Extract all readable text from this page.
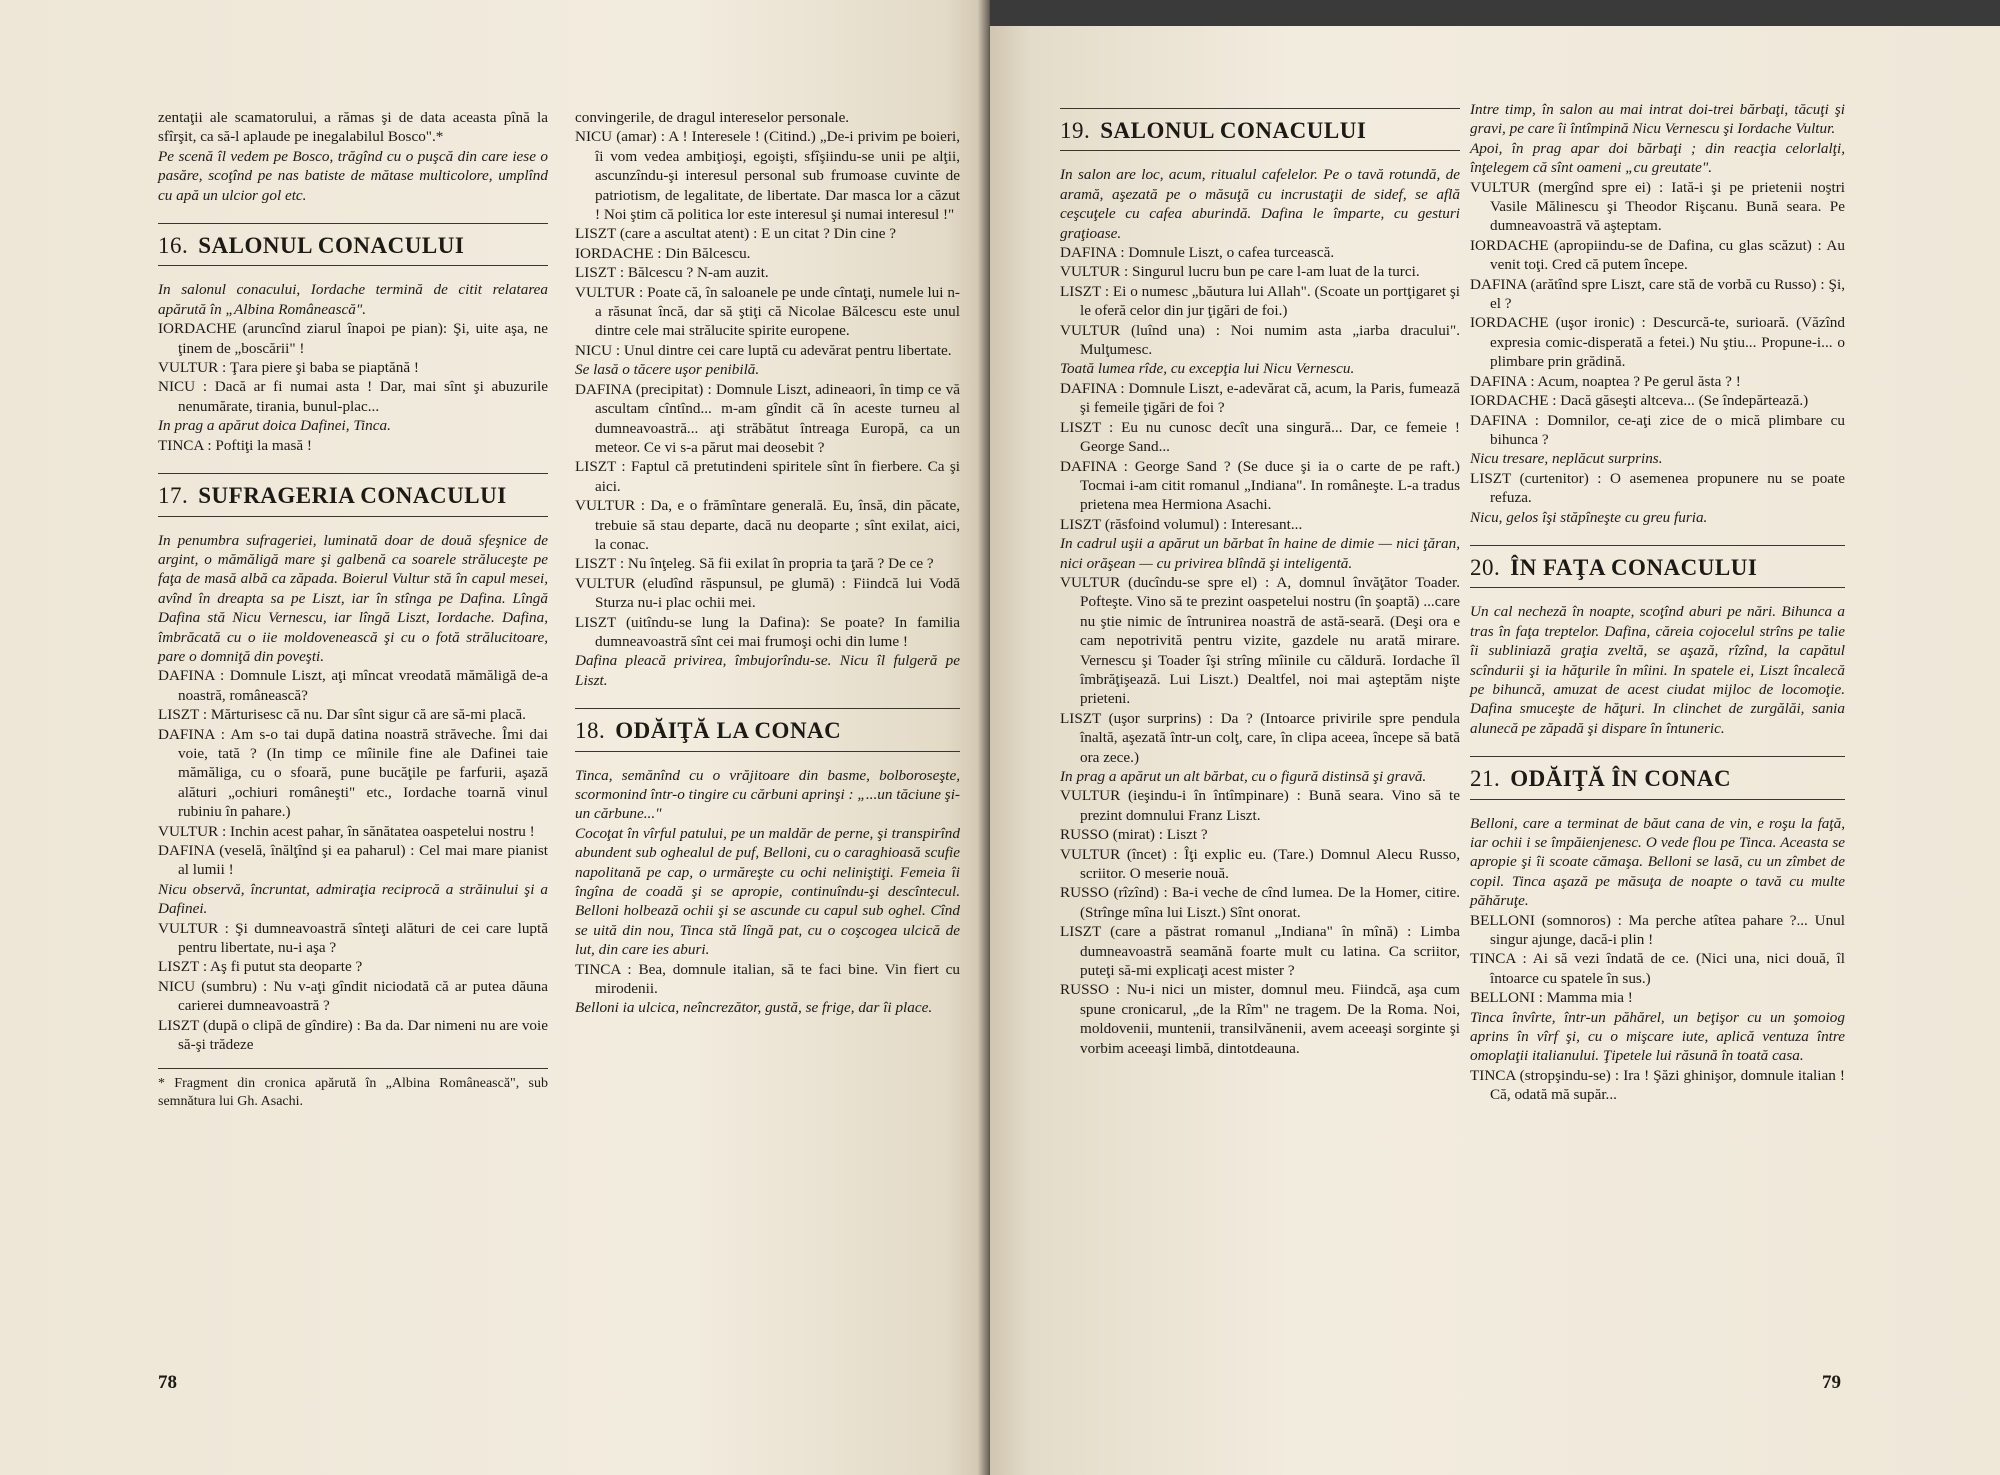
zentaţii ale scamatorului, a rămas şi de data aceasta pînă la sfîrşit, ca să-l aplaude pe inegalabilul Bosco".*

Pe scenă îl vedem pe Bosco, trăgînd cu o puşcă din care iese o pasăre, scoţînd pe nas batiste de mătase multicolore, umplînd cu apă un ulcior gol etc.

16. SALONUL CONACULUI

In salonul conacului, Iordache termină de citit relatarea apărută în „Albina Românească".

IORDACHE (aruncînd ziarul înapoi pe pian): Şi, uite aşa, ne ţinem de „boscării" !

VULTUR : Ţara piere şi baba se piaptănă !

NICU : Dacă ar fi numai asta ! Dar, mai sînt şi abuzurile nenumărate, tirania, bunul-plac...

In prag a apărut doica Dafinei, Tinca.

TINCA : Poftiţi la masă !

17. SUFRAGERIA CONACULUI

In penumbra sufrageriei, luminată doar de două sfeşnice de argint, o mămăligă mare şi galbenă ca soarele străluceşte pe faţa de masă albă ca zăpada. Boierul Vultur stă în capul mesei, avînd în dreapta sa pe Liszt, iar în stînga pe Dafina. Lîngă Dafina stă Nicu Vernescu, iar lîngă Liszt, Iordache. Dafina, îmbrăcată cu o iie moldovenească şi cu o fotă strălucitoare, pare o domniţă din poveşti.

DAFINA : Domnule Liszt, aţi mîncat vreodată mămăligă de-a noastră, românească?

LISZT : Mărturisesc că nu. Dar sînt sigur că are să-mi placă.

DAFINA : Am s-o tai după datina noastră străveche. Îmi dai voie, tată ? (In timp ce mîinile fine ale Dafinei taie mămăliga, cu o sfoară, pune bucăţile pe farfurii, aşază alături „ochiuri româneşti" etc., Iordache toarnă vinul rubiniu în pahare.)

VULTUR : Inchin acest pahar, în sănătatea oaspetelui nostru !

DAFINA (veselă, înălţînd şi ea paharul) : Cel mai mare pianist al lumii !

Nicu observă, încruntat, admiraţia reciprocă a străinului şi a Dafinei.

VULTUR : Şi dumneavoastră sînteţi alături de cei care luptă pentru libertate, nu-i aşa ?

LISZT : Aş fi putut sta deoparte ?

NICU (sumbru) : Nu v-aţi gîndit niciodată că ar putea dăuna carierei dumneavoastră ?

LISZT (după o clipă de gîndire) : Ba da. Dar nimeni nu are voie să-şi trădeze

* Fragment din cronica apărută în „Albina Românească", sub semnătura lui Gh. Asachi.

convingerile, de dragul intereselor personale.

NICU (amar) : A ! Interesele ! (Citind.) „De-i privim pe boieri, îi vom vedea ambiţioşi, egoişti, sfîşiindu-se unii pe alţii, ascunzîndu-şi interesul personal sub frumoase cuvinte de patriotism, de legalitate, de libertate. Dar masca lor a căzut ! Noi ştim că politica lor este interesul şi numai interesul !"

LISZT (care a ascultat atent) : E un citat ? Din cine ?

IORDACHE : Din Bălcescu.

LISZT : Bălcescu ? N-am auzit.

VULTUR : Poate că, în saloanele pe unde cîntaţi, numele lui n-a răsunat încă, dar să ştiţi că Nicolae Bălcescu este unul dintre cele mai strălucite spirite europene.

NICU : Unul dintre cei care luptă cu adevărat pentru libertate.

Se lasă o tăcere uşor penibilă.

DAFINA (precipitat) : Domnule Liszt, adineaori, în timp ce vă ascultam cîntînd... m-am gîndit că în aceste turneu al dumneavoastră... aţi străbătut întreaga Europă, ca un meteor. Ce vi s-a părut mai deosebit ?

LISZT : Faptul că pretutindeni spiritele sînt în fierbere. Ca şi aici.

VULTUR : Da, e o frămîntare generală. Eu, însă, din păcate, trebuie să stau departe, dacă nu deoparte ; sînt exilat, aici, la conac.

LISZT : Nu înţeleg. Să fii exilat în propria ta ţară ? De ce ?

VULTUR (eludînd răspunsul, pe glumă) : Fiindcă lui Vodă Sturza nu-i plac ochii mei.

LISZT (uitîndu-se lung la Dafina): Se poate? In familia dumneavoastră sînt cei mai frumoşi ochi din lume !

Dafina pleacă privirea, îmbujorîndu-se. Nicu îl fulgeră pe Liszt.

18. ODĂIŢĂ LA CONAC

Tinca, semănînd cu o vrăjitoare din basme, bolboroseşte, scormonind într-o tingire cu cărbuni aprinşi : „...un tăciune şi-un cărbune..."

Cocoţat în vîrful patului, pe un maldăr de perne, şi transpirînd abundent sub oghealul de puf, Belloni, cu o caraghioasă scufie napolitană pe cap, o urmăreşte cu ochi neliniştiţi. Femeia îi îngîna de coadă şi se apropie, continuîndu-şi descîntecul. Belloni holbează ochii şi se ascunde cu capul sub oghel. Cînd se uită din nou, Tinca stă lîngă pat, cu o coşcogea ulcică de lut, din care ies aburi.

TINCA : Bea, domnule italian, să te faci bine. Vin fiert cu mirodenii.

Belloni ia ulcica, neîncrezător, gustă, se frige, dar îi place.

78
19. SALONUL CONACULUI

In salon are loc, acum, ritualul cafelelor. Pe o tavă rotundă, de aramă, aşezată pe o măsuţă cu incrustaţii de sidef, se află ceşcuţele cu cafea aburindă. Dafina le împarte, cu gesturi graţioase.

DAFINA : Domnule Liszt, o cafea turcească.

VULTUR : Singurul lucru bun pe care l-am luat de la turci.

LISZT : Ei o numesc „băutura lui Allah". (Scoate un portţigaret şi le oferă celor din jur ţigări de foi.)

VULTUR (luînd una) : Noi numim asta „iarba dracului". Mulţumesc.

Toată lumea rîde, cu excepţia lui Nicu Vernescu.

DAFINA : Domnule Liszt, e-adevărat că, acum, la Paris, fumează şi femeile ţigări de foi ?

LISZT : Eu nu cunosc decît una singură... Dar, ce femeie ! George Sand...

DAFINA : George Sand ? (Se duce şi ia o carte de pe raft.) Tocmai i-am citit romanul „Indiana". In româneşte. L-a tradus prietena mea Hermiona Asachi.

LISZT (răsfoind volumul) : Interesant...

In cadrul uşii a apărut un bărbat în haine de dimie — nici ţăran, nici orăşean — cu privirea blîndă şi inteligentă.

VULTUR (ducîndu-se spre el) : A, domnul învăţător Toader. Pofteşte. Vino să te prezint oaspetelui nostru (în şoaptă) ...care nu ştie nimic de întrunirea noastră de astă-seară. (Deşi ora e cam nepotrivită pentru vizite, gazdele nu arată mirare. Vernescu şi Toader îşi strîng mîinile cu căldură. Iordache îl îmbrăţişează. Lui Liszt.) Dealtfel, noi mai aşteptăm nişte prieteni.

LISZT (uşor surprins) : Da ? (Intoarce privirile spre pendula înaltă, aşezată într-un colţ, care, în clipa aceea, începe să bată ora zece.)

In prag a apărut un alt bărbat, cu o figură distinsă şi gravă.

VULTUR (ieşindu-i în întîmpinare) : Bună seara. Vino să te prezint domnului Franz Liszt.

RUSSO (mirat) : Liszt ?

VULTUR (încet) : Îţi explic eu. (Tare.) Domnul Alecu Russo, scriitor. O meserie nouă.

RUSSO (rîzînd) : Ba-i veche de cînd lumea. De la Homer, citire. (Strînge mîna lui Liszt.) Sînt onorat.

LISZT (care a păstrat romanul „Indiana" în mînă) : Limba dumneavoastră seamănă foarte mult cu latina. Ca scriitor, puteţi să-mi explicaţi acest mister ?

RUSSO : Nu-i nici un mister, domnul meu. Fiindcă, aşa cum spune cronicarul, „de la Rîm" ne tragem. De la Roma. Noi, moldovenii, muntenii, transilvănenii, avem aceeaşi sorginte şi vorbim aceeaşi limbă, dintotdeauna.

Intre timp, în salon au mai intrat doi-trei bărbaţi, tăcuţi şi gravi, pe care îi întîmpină Nicu Vernescu şi Iordache Vultur.

Apoi, în prag apar doi bărbaţi ; din reacţia celorlalţi, înţelegem că sînt oameni „cu greutate".

VULTUR (mergînd spre ei) : Iată-i şi pe prietenii noştri Vasile Mălinescu şi Theodor Rişcanu. Bună seara. Pe dumneavoastră vă aşteptam.

IORDACHE (apropiindu-se de Dafina, cu glas scăzut) : Au venit toţi. Cred că putem începe.

DAFINA (arătînd spre Liszt, care stă de vorbă cu Russo) : Şi, el ?

IORDACHE (uşor ironic) : Descurcă-te, surioară. (Văzînd expresia comic-disperată a fetei.) Nu ştiu... Propune-i... o plimbare prin grădină.

DAFINA : Acum, noaptea ? Pe gerul ăsta ? !

IORDACHE : Dacă găseşti altceva... (Se îndepărtează.)

DAFINA : Domnilor, ce-aţi zice de o mică plimbare cu bihunca ?

Nicu tresare, neplăcut surprins.

LISZT (curtenitor) : O asemenea propunere nu se poate refuza.

Nicu, gelos îşi stăpîneşte cu greu furia.

20. ÎN FAŢA CONACULUI

Un cal necheză în noapte, scoţînd aburi pe nări. Bihunca a tras în faţa treptelor. Dafina, căreia cojocelul strîns pe talie îi subliniază graţia zveltă, se aşază, rîzînd, la capătul scîndurii şi ia hăţurile în mîini. In spatele ei, Liszt încalecă pe bihuncă, amuzat de acest ciudat mijloc de locomoţie. Dafina smuceşte de hăţuri. In clinchet de zurgălăi, sania alunecă pe zăpadă şi dispare în întuneric.

21. ODĂIŢĂ ÎN CONAC

Belloni, care a terminat de băut cana de vin, e roşu la faţă, iar ochii i se împăienjenesc. O vede flou pe Tinca. Aceasta se apropie şi îi scoate cămaşa. Belloni se lasă, cu un zîmbet de copil. Tinca aşază pe măsuţa de noapte o tavă cu multe păhăruţe.

BELLONI (somnoros) : Ma perche atîtea pahare ?... Unul singur ajunge, dacă-i plin !

TINCA : Ai să vezi îndată de ce. (Nici una, nici două, îl întoarce cu spatele în sus.)

BELLONI : Mamma mia !

Tinca învîrte, într-un păhărel, un beţişor cu un şomoiog aprins în vîrf şi, cu o mişcare iute, aplică ventuza între omoplaţii italianului. Ţipetele lui răsună în toată casa.

TINCA (stropşindu-se) : Ira ! Şăzi ghinişor, domnule italian ! Că, odată mă supăr...

79
